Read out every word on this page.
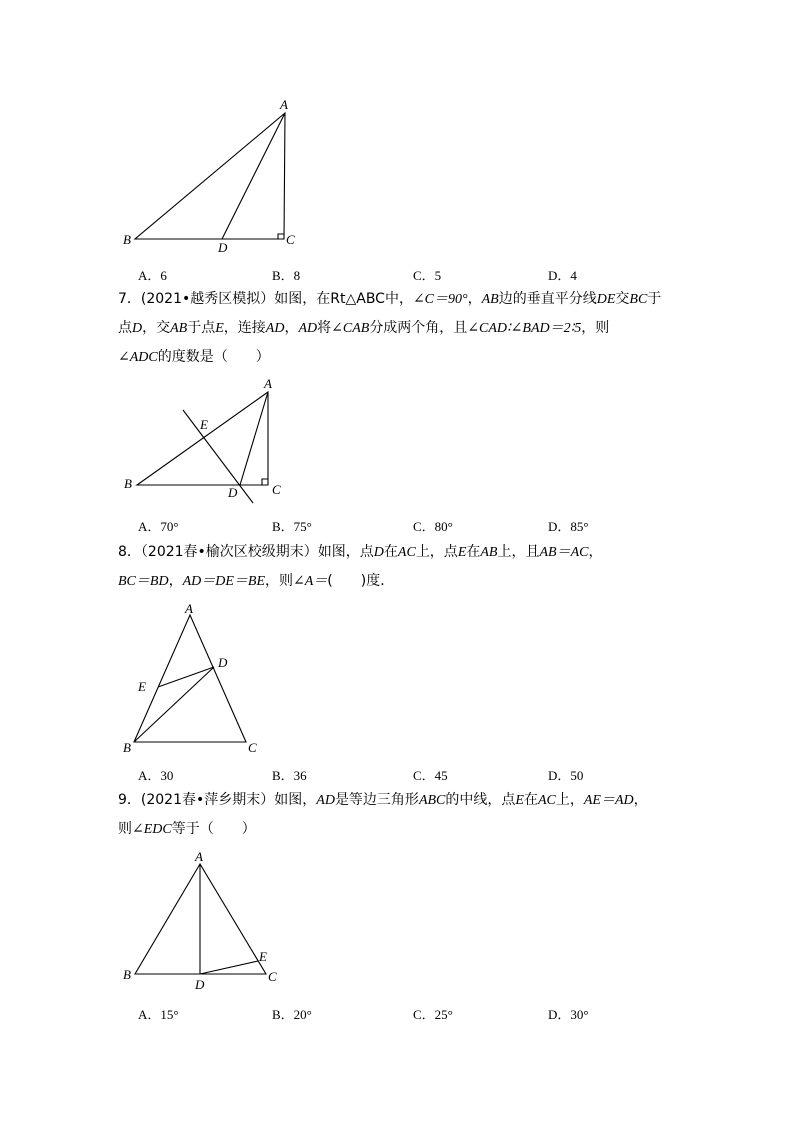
A
B	C
D
A．6	B．8	C．5	D．4

7．(2021•越秀区模拟）如图，在Rt△ABC中，∠C＝90°，AB边的垂直平分线DE交BC于

点D，交AB于点E，连接AD，AD将∠CAB分成两个角，且∠CAD∶∠BAD＝2∶5，则

∠ADC的度数是（　　）

A
B	C
D
E
A．70°	B．75°	C．80°	D．85°

8．（2021春•榆次区校级期末）如图，点D在AC上，点E在AB上，且AB＝AC，

BC＝BD，AD＝DE＝BE，则∠A＝(　　)度．

A
B	C
D
E
A．30	B．36	C．45	D．50

9．(2021春•萍乡期末）如图，AD是等边三角形ABC的中线，点E在AC上，AE＝AD，

则∠EDC等于（　　）

A
B	C
D
E
A．15°	B．20°	C．25°	D．30°
